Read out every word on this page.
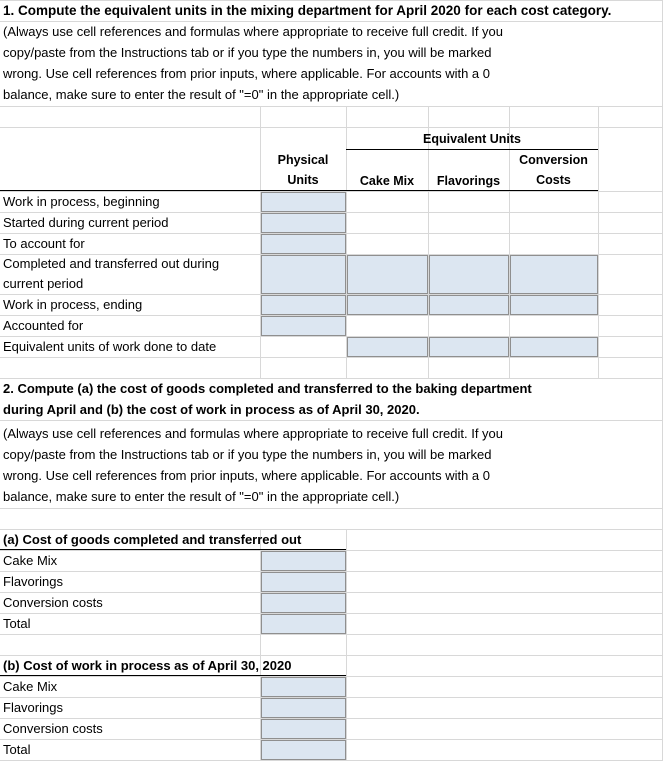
1. Compute the equivalent units in the mixing department for April 2020 for each cost category.
(Always use cell references and formulas where appropriate to receive full credit. If you
copy/paste from the Instructions tab or if you type the numbers in, you will be marked
wrong. Use cell references from prior inputs, where applicable. For accounts with a 0
balance, make sure to enter the result of "=0" in the appropriate cell.)
Equivalent Units
Physical
Units	Cake Mix	Flavorings
Conversion
Costs
Work in process, beginning
Started during current period
To account for
Completed and transferred out during
current period
Work in process, ending
Accounted for
Equivalent units of work done to date
2. Compute (a) the cost of goods completed and transferred to the baking department
during April and (b) the cost of work in process as of April 30, 2020.
(Always use cell references and formulas where appropriate to receive full credit. If you
copy/paste from the Instructions tab or if you type the numbers in, you will be marked
wrong. Use cell references from prior inputs, where applicable. For accounts with a 0
balance, make sure to enter the result of "=0" in the appropriate cell.)
(a) Cost of goods completed and transferred out
Cake Mix
Flavorings
Conversion costs
Total
(b) Cost of work in process as of April 30, 2020
Cake Mix
Flavorings
Conversion costs
Total
